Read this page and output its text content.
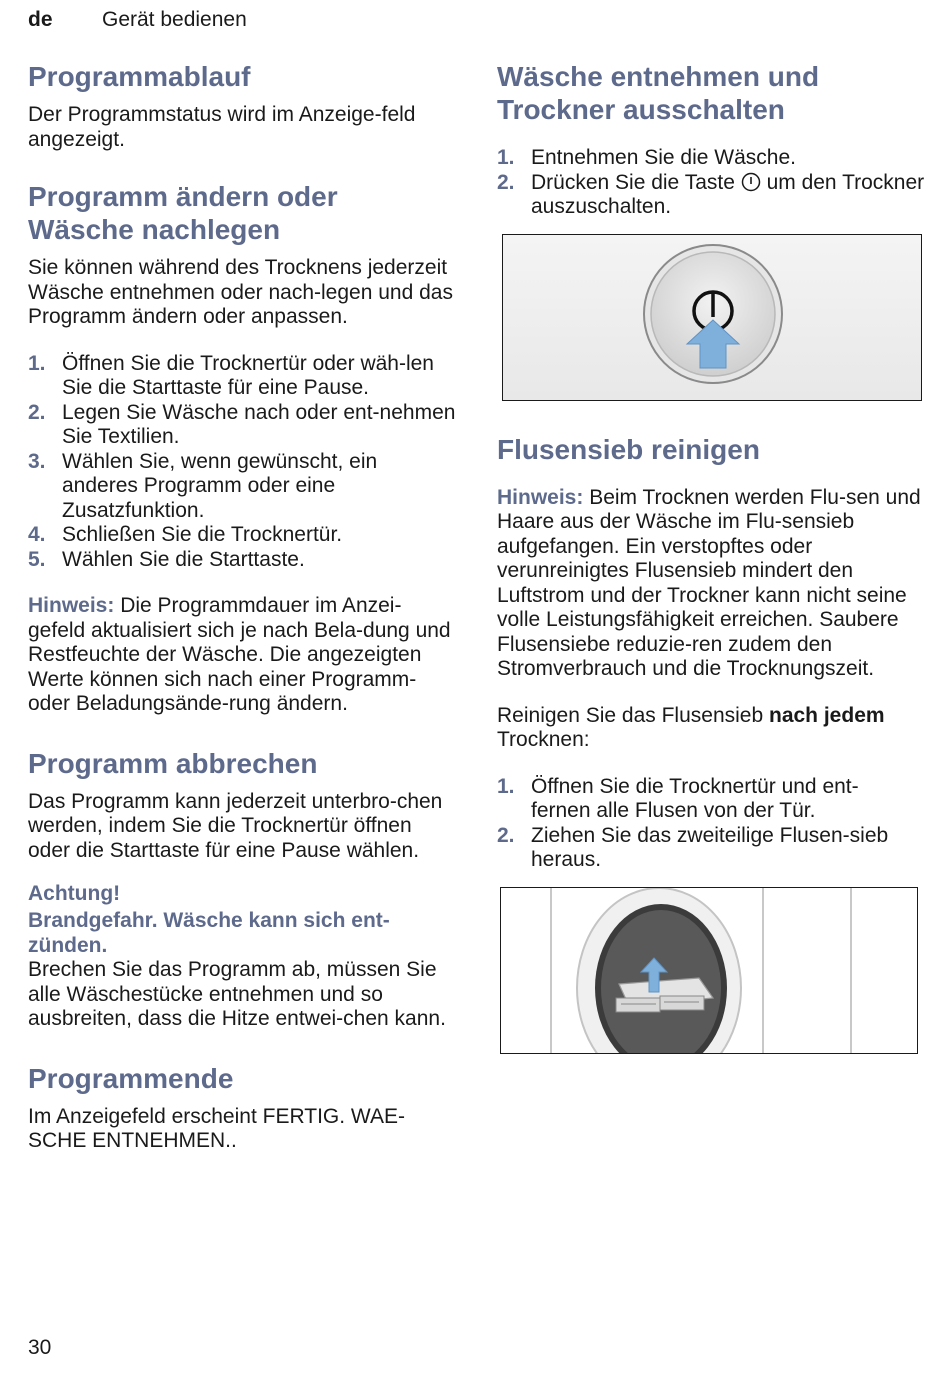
de Gerät bedienen
Programmablauf

Der Programmstatus wird im Anzeige-feld angezeigt.

Programm ändern oder
Wäsche nachlegen

Sie können während des Trocknens jederzeit Wäsche entnehmen oder nach-legen und das Programm ändern oder anpassen.

1. Öffnen Sie die Trocknertür oder wäh-len Sie die Starttaste für eine Pause.
2. Legen Sie Wäsche nach oder ent-nehmen Sie Textilien.
3. Wählen Sie, wenn gewünscht, ein anderes Programm oder eine Zusatzfunktion.
4. Schließen Sie die Trocknertür.
5. Wählen Sie die Starttaste.

Hinweis: Die Programmdauer im Anzei-gefeld aktualisiert sich je nach Bela-dung und Restfeuchte der Wäsche. Die angezeigten Werte können sich nach einer Programm- oder Beladungsände-rung ändern.

Programm abbrechen

Das Programm kann jederzeit unterbro-chen werden, indem Sie die Trocknertür öffnen oder die Starttaste für eine Pause wählen.

Achtung!
Brandgefahr. Wäsche kann sich ent-
zünden.

Brechen Sie das Programm ab, müssen Sie alle Wäschestücke entnehmen und so ausbreiten, dass die Hitze entwei-chen kann.

Programmende

Im Anzeigefeld erscheint FERTIG. WAE-SCHE ENTNEHMEN..

Wäsche entnehmen und
Trockner ausschalten
1. Entnehmen Sie die Wäsche.
2. Drücken Sie die Taste  um den Trockner auszuschalten.
Flusensieb reinigen

Hinweis: Beim Trocknen werden Flu-sen und Haare aus der Wäsche im Flu-sensieb aufgefangen. Ein verstopftes oder verunreinigtes Flusensieb mindert den Luftstrom und der Trockner kann nicht seine volle Leistungsfähigkeit erreichen. Saubere Flusensiebe reduzie-ren zudem den Stromverbrauch und die Trocknungszeit.

Reinigen Sie das Flusensieb nach jedem Trocknen:

1. Öffnen Sie die Trocknertür und ent-fernen alle Flusen von der Tür.
2. Ziehen Sie das zweiteilige Flusen-sieb heraus.
30
